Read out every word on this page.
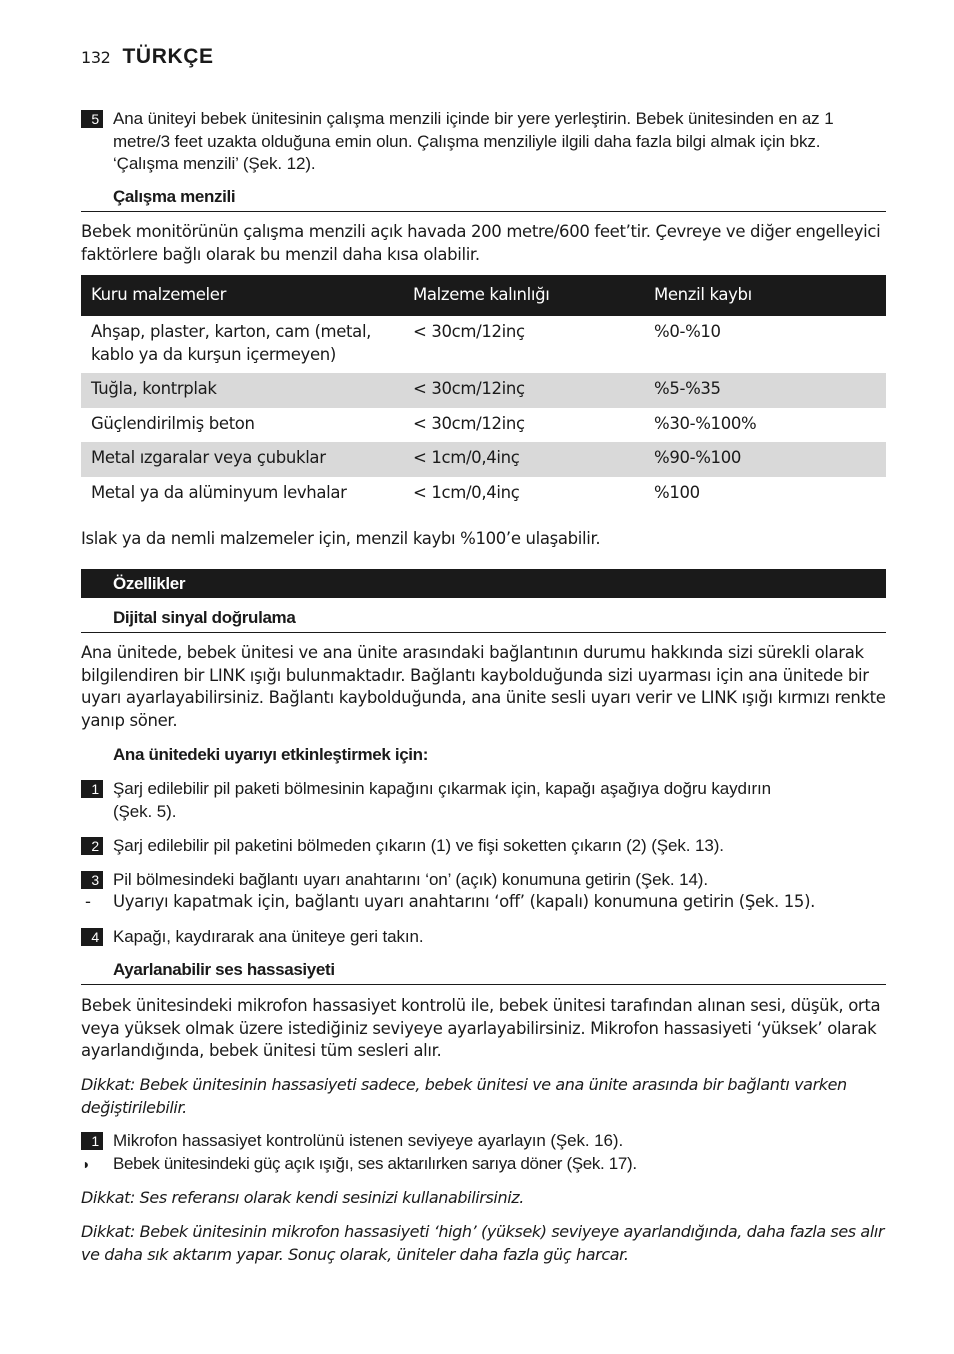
132 TÜRKÇE
5 Ana üniteyi bebek ünitesinin çalışma menzili içinde bir yere yerleştirin. Bebek ünitesinden en az 1 metre/3 feet uzakta olduğuna emin olun. Çalışma menziliyle ilgili daha fazla bilgi almak için bkz. ‘Çalışma menzili’ (Şek. 12).
Çalışma menzili
Bebek monitörünün çalışma menzili açık havada 200 metre/600 feet’tir. Çevreye ve diğer engelleyici faktörlere bağlı olarak bu menzil daha kısa olabilir.
Kuru malzemeler	Malzeme kalınlığı	Menzil kaybı
Ahşap, plaster, karton, cam (metal, kablo ya da kurşun içermeyen)	< 30cm/12inç	%0-%10
Tuğla, kontrplak	< 30cm/12inç	%5-%35
Güçlendirilmiş beton	< 30cm/12inç	%30-%100%
Metal ızgaralar veya çubuklar	< 1cm/0,4inç	%90-%100
Metal ya da alüminyum levhalar	< 1cm/0,4inç	%100
Islak ya da nemli malzemeler için, menzil kaybı %100’e ulaşabilir.
Özellikler
Dijital sinyal doğrulama
Ana ünitede, bebek ünitesi ve ana ünite arasındaki bağlantının durumu hakkında sizi sürekli olarak bilgilendiren bir LINK ışığı bulunmaktadır. Bağlantı kaybolduğunda sizi uyarması için ana ünitede bir uyarı ayarlayabilirsiniz. Bağlantı kaybolduğunda, ana ünite sesli uyarı verir ve LINK ışığı kırmızı renkte yanıp söner.
Ana ünitedeki uyarıyı etkinleştirmek için:
1 Şarj edilebilir pil paketi bölmesinin kapağını çıkarmak için, kapağı aşağıya doğru kaydırın (Şek. 5).
2 Şarj edilebilir pil paketini bölmeden çıkarın (1) ve fişi soketten çıkarın (2) (Şek. 13).
3 Pil bölmesindeki bağlantı uyarı anahtarını ‘on’ (açık) konumuna getirin (Şek. 14).
-	Uyarıyı kapatmak için, bağlantı uyarı anahtarını ‘off’ (kapalı) konumuna getirin (Şek. 15).
4 Kapağı, kaydırarak ana üniteye geri takın.
Ayarlanabilir ses hassasiyeti
Bebek ünitesindeki mikrofon hassasiyet kontrolü ile, bebek ünitesi tarafından alınan sesi, düşük, orta veya yüksek olmak üzere istediğiniz seviyeye ayarlayabilirsiniz. Mikrofon hassasiyeti ‘yüksek’ olarak ayarlandığında, bebek ünitesi tüm sesleri alır.
Dikkat: Bebek ünitesinin hassasiyeti sadece, bebek ünitesi ve ana ünite arasında bir bağlantı varken değiştirilebilir.
1 Mikrofon hassasiyet kontrolünü istenen seviyeye ayarlayın (Şek. 16).
◗	Bebek ünitesindeki güç açık ışığı, ses aktarılırken sarıya döner (Şek. 17).
Dikkat: Ses referansı olarak kendi sesinizi kullanabilirsiniz.
Dikkat: Bebek ünitesinin mikrofon hassasiyeti ‘high’ (yüksek) seviyeye ayarlandığında, daha fazla ses alır ve daha sık aktarım yapar. Sonuç olarak, üniteler daha fazla güç harcar.
